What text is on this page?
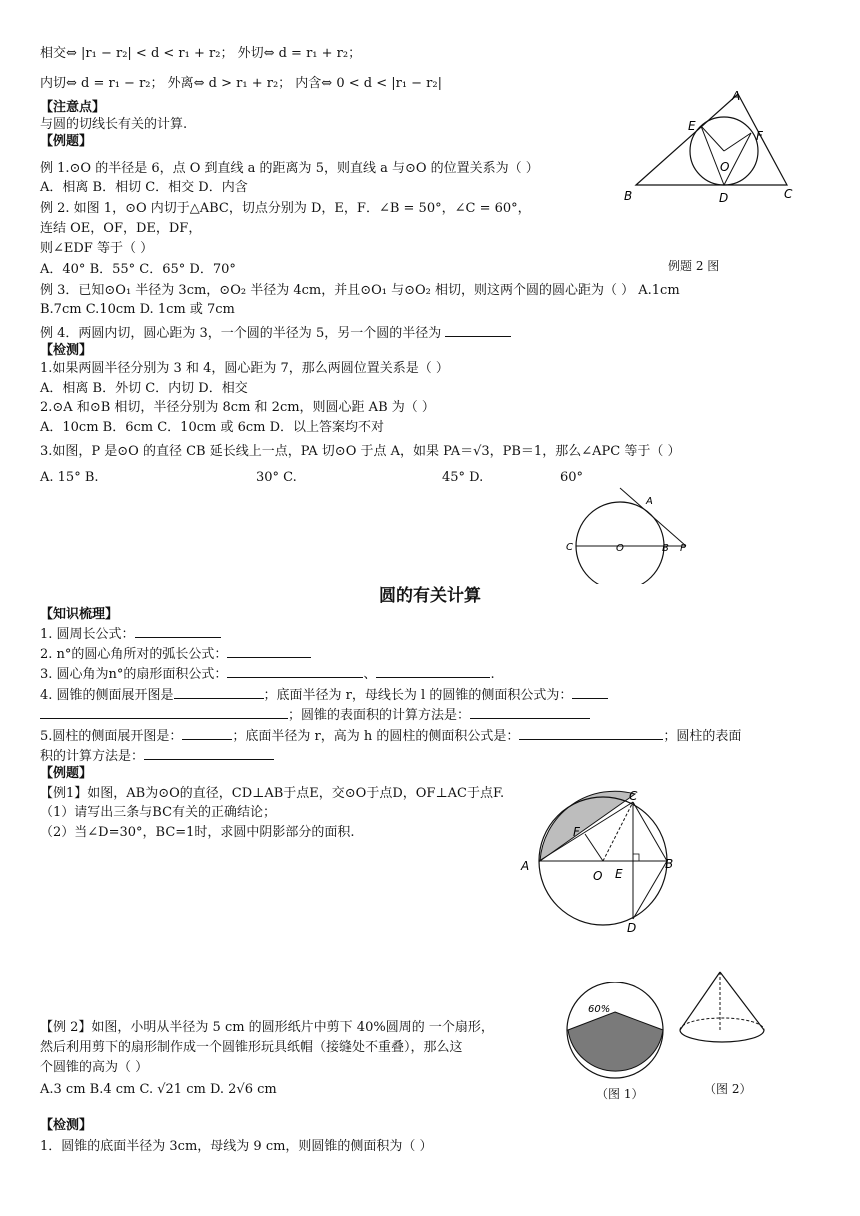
相交⇔ |r₁ − r₂| < d < r₁ + r₂； 外切⇔ d = r₁ + r₂；
内切⇔ d = r₁ − r₂； 外离⇔ d > r₁ + r₂； 内含⇔ 0 < d < |r₁ − r₂|
【注意点】
与圆的切线长有关的计算.
【例题】
例 1.⊙O 的半径是 6，点 O 到直线 a 的距离为 5，则直线 a 与⊙O 的位置关系为（ ）
A．相离 B．相切 C．相交 D．内含
例 2. 如图 1，⊙O 内切于△ABC，切点分别为 D，E，F．∠B = 50°，∠C = 60°，
连结 OE，OF，DE，DF，
则∠EDF 等于（ ）
A．40° B．55° C．65° D．70°
例 3．已知⊙O₁ 半径为 3cm，⊙O₂ 半径为 4cm，并且⊙O₁ 与⊙O₂ 相切，则这两个圆的圆心距为（ ） A.1cm
B.7cm C.10cm D. 1cm 或 7cm
例 4．两圆内切，圆心距为 3，一个圆的半径为 5，另一个圆的半径为
【检测】
1.如果两圆半径分别为 3 和 4，圆心距为 7，那么两圆位置关系是（ ）
A．相离 B．外切 C．内切 D．相交
2.⊙A 和⊙B 相切，半径分别为 8cm 和 2cm，则圆心距 AB 为（ ）
A．10cm B．6cm C．10cm 或 6cm D．以上答案均不对
3.如图，P 是⊙O 的直径 CB 延长线上一点，PA 切⊙O 于点 A，如果 PA＝√3，PB＝1，那么∠APC 等于（ ）
A. 15° B.	30° C.	45° D.	60°
圆的有关计算
【知识梳理】
1. 圆周长公式：
2. n°的圆心角所对的弧长公式：
3. 圆心角为n°的扇形面积公式：	、	.
4. 圆锥的侧面展开图是	；底面半径为 r，母线长为 l 的圆锥的侧面积公式为：
；圆锥的表面积的计算方法是：
5.圆柱的侧面展开图是：	；底面半径为 r，高为 h 的圆柱的侧面积公式是：	；圆柱的表面
积的计算方法是：
【例题】
【例1】如图，AB为⊙O的直径，CD⊥AB于点E，交⊙O于点D，OF⊥AC于点F.
（1）请写出三条与BC有关的正确结论；
（2）当∠D=30°，BC=1时，求圆中阴影部分的面积.
【例 2】如图，小明从半径为 5 cm 的圆形纸片中剪下 40%圆周的 一个扇形，
然后利用剪下的扇形制作成一个圆锥形玩具纸帽（接缝处不重叠），那么这
个圆锥的高为（ ）
A.3 cm B.4 cm C. √21 cm D. 2√6 cm
【检测】
1．圆锥的底面半径为 3cm，母线为 9 cm，则圆锥的侧面积为（ ）
A
B	C
D
E
F
O
例题 2 图
C	O	B P
A
A	B
C
D
E
F
O
60%
（图 1）	（图 2）
